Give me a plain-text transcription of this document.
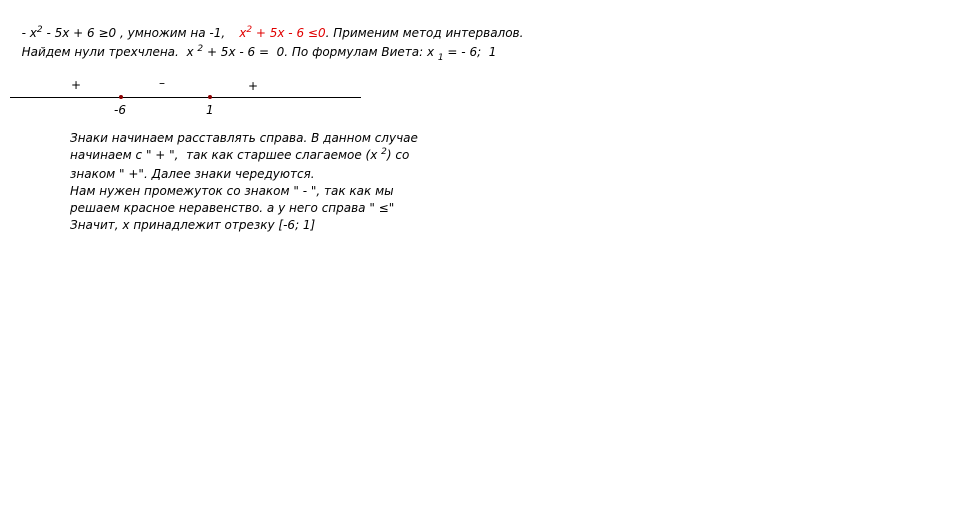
- $x^2 - 5x + 6 \ge 0$ , умножим на -1, $x^2 + 5x - 6 \le 0$. Применим метод интервалов.

Найдем нули трехчлена.  x $^2$ + 5x - 6 =  0. По формулам Виета: x $_1$ = - 6;  1

+	–	+
-6	1
Знаки начинаем расставлять справа. В данном случае
начинаем с " + ",  так как старшее слагаемое (x $^2$) со
знаком " +". Далее знаки чередуются.
Нам нужен промежуток со знаком " - ", так как мы
решаем красное неравенство. а у него справа " ≤"
Значит, х принадлежит отрезку [-6; 1]
